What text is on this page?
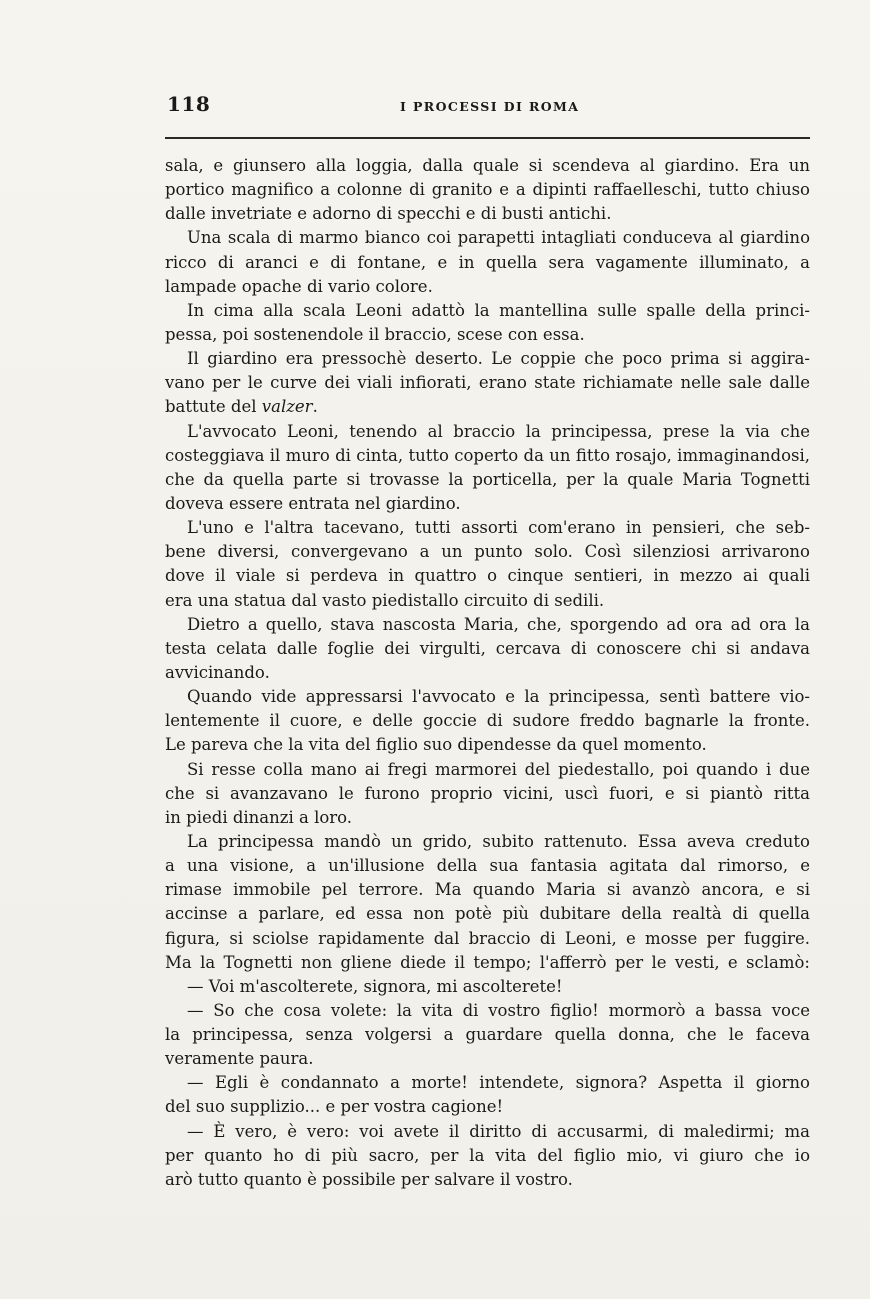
118	I PROCESSI DI ROMA
sala, e giunsero alla loggia, dalla quale si scendeva al giardino. Era un
portico magnifico a colonne di granito e a dipinti raffaelleschi, tutto chiuso
dalle invetriate e adorno di specchi e di busti antichi.
Una scala di marmo bianco coi parapetti intagliati conduceva al giardino
ricco di aranci e di fontane, e in quella sera vagamente illuminato, a
lampade opache di vario colore.
In cima alla scala Leoni adattò la mantellina sulle spalle della princi-
pessa, poi sostenendole il braccio, scese con essa.
Il giardino era pressochè deserto. Le coppie che poco prima si aggira-
vano per le curve dei viali infiorati, erano state richiamate nelle sale dalle
battute del valzer.
L'avvocato Leoni, tenendo al braccio la principessa, prese la via che
costeggiava il muro di cinta, tutto coperto da un fitto rosajo, immaginandosi,
che da quella parte si trovasse la porticella, per la quale Maria Tognetti
doveva essere entrata nel giardino.
L'uno e l'altra tacevano, tutti assorti com'erano in pensieri, che seb-
bene diversi, convergevano a un punto solo. Così silenziosi arrivarono
dove il viale si perdeva in quattro o cinque sentieri, in mezzo ai quali
era una statua dal vasto piedistallo circuito di sedili.
Dietro a quello, stava nascosta Maria, che, sporgendo ad ora ad ora la
testa celata dalle foglie dei virgulti, cercava di conoscere chi si andava
avvicinando.
Quando vide appressarsi l'avvocato e la principessa, sentì battere vio-
lentemente il cuore, e delle goccie di sudore freddo bagnarle la fronte.
Le pareva che la vita del figlio suo dipendesse da quel momento.
Si resse colla mano ai fregi marmorei del piedestallo, poi quando i due
che si avanzavano le furono proprio vicini, uscì fuori, e si piantò ritta
in piedi dinanzi a loro.
La principessa mandò un grido, subito rattenuto. Essa aveva creduto
a una visione, a un'illusione della sua fantasia agitata dal rimorso, e
rimase immobile pel terrore. Ma quando Maria si avanzò ancora, e si
accinse a parlare, ed essa non potè più dubitare della realtà di quella
figura, si sciolse rapidamente dal braccio di Leoni, e mosse per fuggire.
Ma la Tognetti non gliene diede il tempo; l'afferrò per le vesti, e sclamò:
— Voi m'ascolterete, signora, mi ascolterete!
— So che cosa volete: la vita di vostro figlio! mormorò a bassa voce
la principessa, senza volgersi a guardare quella donna, che le faceva
veramente paura.
— Egli è condannato a morte! intendete, signora? Aspetta il giorno
del suo supplizio... e per vostra cagione!
— È vero, è vero: voi avete il diritto di accusarmi, di maledirmi; ma
per quanto ho di più sacro, per la vita del figlio mio, vi giuro che io
arò tutto quanto è possibile per salvare il vostro.
